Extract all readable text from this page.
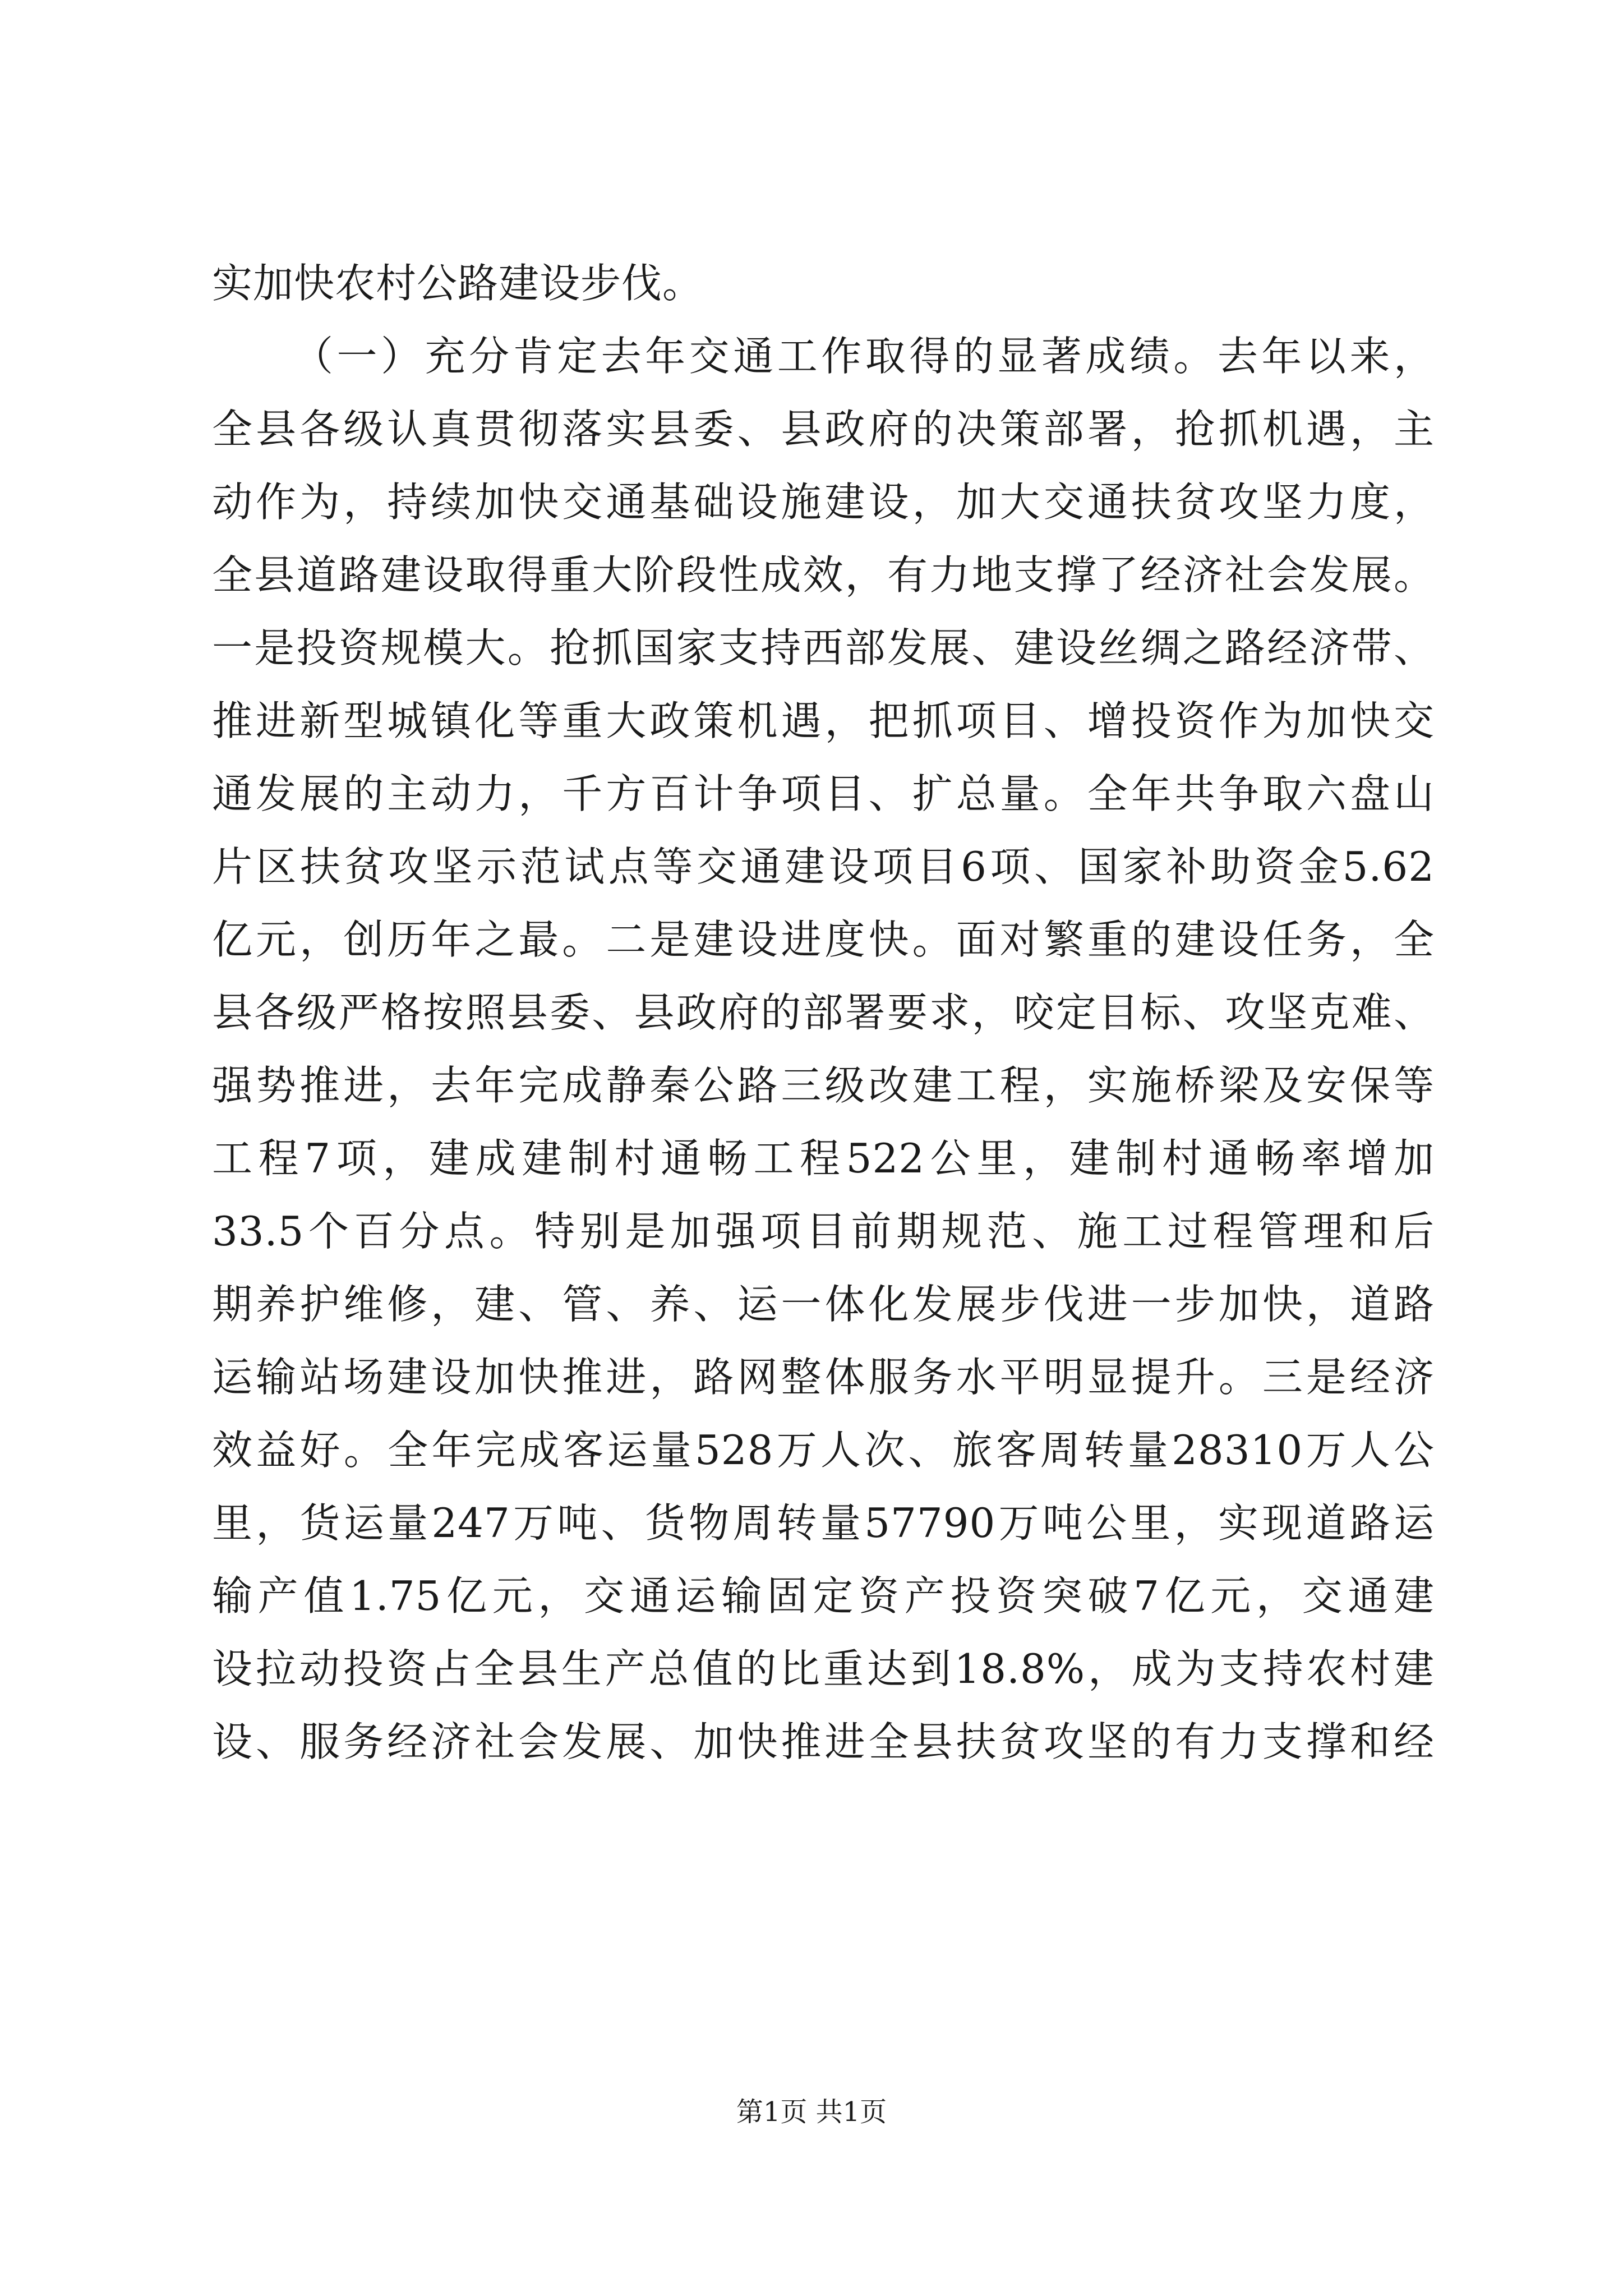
实加快农村公路建设步伐。
（一）充分肯定去年交通工作取得的显著成绩。去年以来，
全县各级认真贯彻落实县委、县政府的决策部署，抢抓机遇，主
动作为，持续加快交通基础设施建设，加大交通扶贫攻坚力度，
全县道路建设取得重大阶段性成效，有力地支撑了经济社会发展。
一是投资规模大。抢抓国家支持西部发展、建设丝绸之路经济带、
推进新型城镇化等重大政策机遇，把抓项目、增投资作为加快交
通发展的主动力，千方百计争项目、扩总量。全年共争取六盘山
片区扶贫攻坚示范试点等交通建设项目6项、国家补助资金5.62
亿元，创历年之最。二是建设进度快。面对繁重的建设任务，全
县各级严格按照县委、县政府的部署要求，咬定目标、攻坚克难、
强势推进，去年完成静秦公路三级改建工程，实施桥梁及安保等
工程7项，建成建制村通畅工程522公里，建制村通畅率增加
33.5个百分点。特别是加强项目前期规范、施工过程管理和后
期养护维修，建、管、养、运一体化发展步伐进一步加快，道路
运输站场建设加快推进，路网整体服务水平明显提升。三是经济
效益好。全年完成客运量528万人次、旅客周转量28310万人公
里，货运量247万吨、货物周转量57790万吨公里，实现道路运
输产值1.75亿元，交通运输固定资产投资突破7亿元，交通建
设拉动投资占全县生产总值的比重达到18.8%，成为支持农村建
设、服务经济社会发展、加快推进全县扶贫攻坚的有力支撑和经
第1页 共1页
